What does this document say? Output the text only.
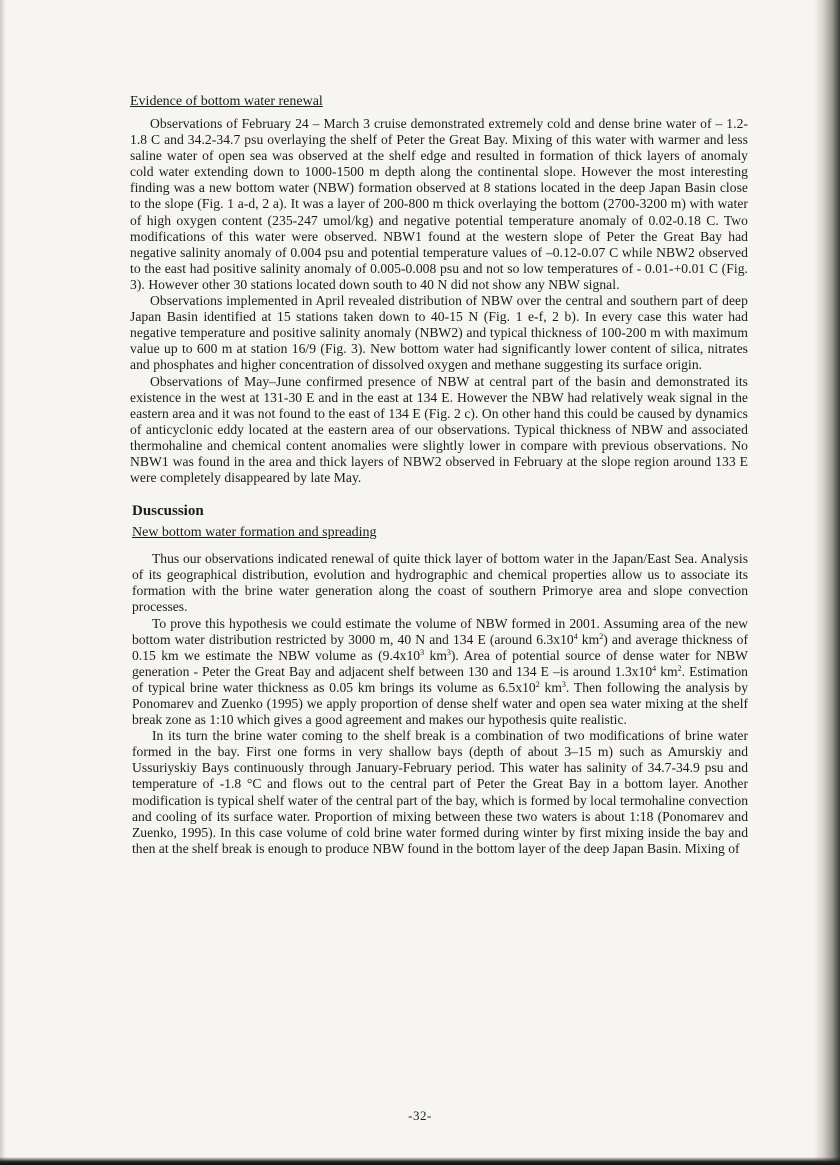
Evidence of bottom water renewal

Observations of February 24 – March 3 cruise demonstrated extremely cold and dense brine water of – 1.2-1.8 C and 34.2-34.7 psu overlaying the shelf of Peter the Great Bay. Mixing of this water with warmer and less saline water of open sea was observed at the shelf edge and resulted in formation of thick layers of anomaly cold water extending down to 1000-1500 m depth along the continental slope. However the most interesting finding was a new bottom water (NBW) formation observed at 8 stations located in the deep Japan Basin close to the slope (Fig. 1 a-d, 2 a). It was a layer of 200-800 m thick overlaying the bottom (2700-3200 m) with water of high oxygen content (235-247 umol/kg) and negative potential temperature anomaly of 0.02-0.18 C. Two modifications of this water were observed. NBW1 found at the western slope of Peter the Great Bay had negative salinity anomaly of 0.004 psu and potential temperature values of –0.12-0.07 C while NBW2 observed to the east had positive salinity anomaly of 0.005-0.008 psu and not so low temperatures of - 0.01-+0.01 C (Fig. 3). However other 30 stations located down south to 40 N did not show any NBW signal.

Observations implemented in April revealed distribution of NBW over the central and southern part of deep Japan Basin identified at 15 stations taken down to 40-15 N (Fig. 1 e-f, 2 b). In every case this water had negative temperature and positive salinity anomaly (NBW2) and typical thickness of 100-200 m with maximum value up to 600 m at station 16/9 (Fig. 3). New bottom water had significantly lower content of silica, nitrates and phosphates and higher concentration of dissolved oxygen and methane suggesting its surface origin.

Observations of May–June confirmed presence of NBW at central part of the basin and demonstrated its existence in the west at 131-30 E and in the east at 134 E. However the NBW had relatively weak signal in the eastern area and it was not found to the east of 134 E (Fig. 2 c). On other hand this could be caused by dynamics of anticyclonic eddy located at the eastern area of our observations. Typical thickness of NBW and associated thermohaline and chemical content anomalies were slightly lower in compare with previous observations. No NBW1 was found in the area and thick layers of NBW2 observed in February at the slope region around 133 E were completely disappeared by late May.

Duscussion
New bottom water formation and spreading

Thus our observations indicated renewal of quite thick layer of bottom water in the Japan/East Sea. Analysis of its geographical distribution, evolution and hydrographic and chemical properties allow us to associate its formation with the brine water generation along the coast of southern Primorye area and slope convection processes.

To prove this hypothesis we could estimate the volume of NBW formed in 2001. Assuming area of the new bottom water distribution restricted by 3000 m, 40 N and 134 E (around $6.3x10^4$ $km^2$) and average thickness of 0.15 km we estimate the NBW volume as ($9.4x10^3$ $km^3$). Area of potential source of dense water for NBW generation - Peter the Great Bay and adjacent shelf between 130 and 134 E –is around $1.3x10^4$ $km^2$. Estimation of typical brine water thickness as 0.05 km brings its volume as $6.5x10^2$ $km^3$. Then following the analysis by Ponomarev and Zuenko (1995) we apply proportion of dense shelf water and open sea water mixing at the shelf break zone as 1:10 which gives a good agreement and makes our hypothesis quite realistic.

In its turn the brine water coming to the shelf break is a combination of two modifications of brine water formed in the bay. First one forms in very shallow bays (depth of about 3–15 m) such as Amurskiy and Ussuriyskiy Bays continuously through January-February period. This water has salinity of 34.7-34.9 psu and temperature of -1.8 °C and flows out to the central part of Peter the Great Bay in a bottom layer. Another modification is typical shelf water of the central part of the bay, which is formed by local termohaline convection and cooling of its surface water. Proportion of mixing between these two waters is about 1:18 (Ponomarev and Zuenko, 1995). In this case volume of cold brine water formed during winter by first mixing inside the bay and then at the shelf break is enough to produce NBW found in the bottom layer of the deep Japan Basin. Mixing of

-32-
